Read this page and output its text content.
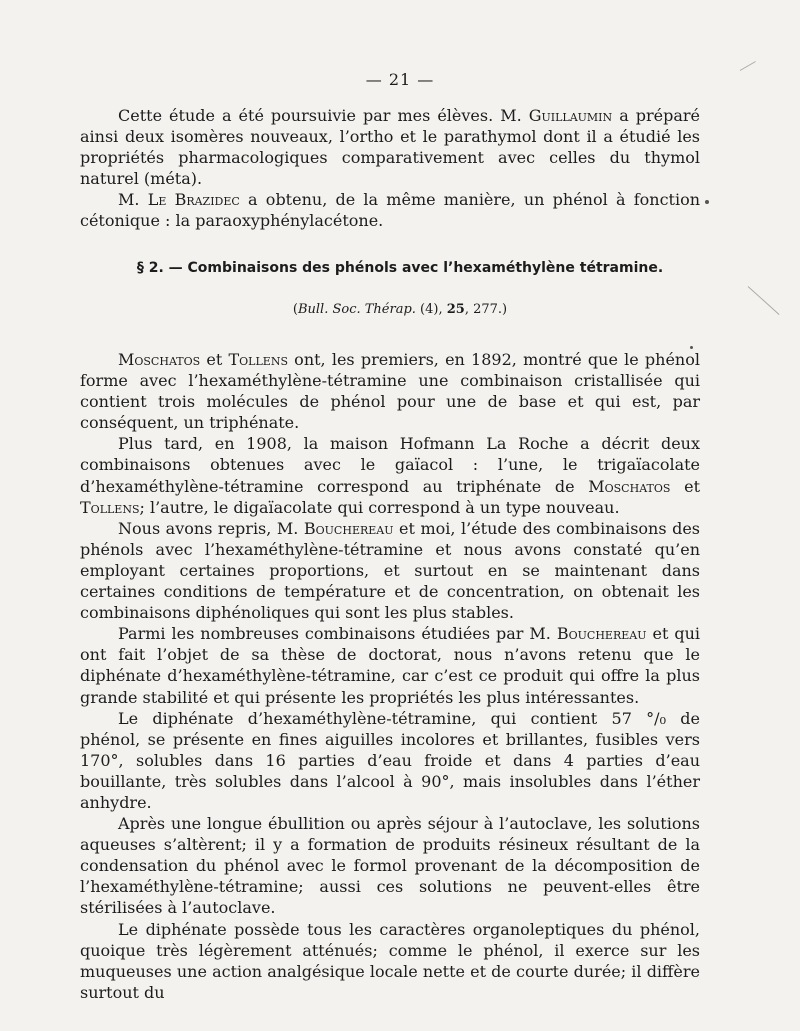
— 21 —

Cette étude a été poursuivie par mes élèves. M. Guillaumin a préparé ainsi deux isomères nouveaux, l’ortho et le parathymol dont il a étudié les propriétés pharmacologiques comparativement avec celles du thymol naturel (méta).

M. Le Brazidec a obtenu, de la même manière, un phénol à fonction cétonique : la paraoxyphénylacétone.

§ 2. — Combinaisons des phénols avec l’hexaméthylène tétramine.
(Bull. Soc. Thérap. (4), 25, 277.)

Moschatos et Tollens ont, les premiers, en 1892, montré que le phénol forme avec l’hexaméthylène-tétramine une combinaison cristallisée qui contient trois molécules de phénol pour une de base et qui est, par conséquent, un triphénate.

Plus tard, en 1908, la maison Hofmann La Roche a décrit deux combinaisons obtenues avec le gaïacol : l’une, le trigaïacolate d’hexaméthylène-tétramine correspond au triphénate de Moschatos et Tollens; l’autre, le digaïacolate qui correspond à un type nouveau.

Nous avons repris, M. Bouchereau et moi, l’étude des combinaisons des phénols avec l’hexaméthylène-tétramine et nous avons constaté qu’en employant certaines proportions, et surtout en se maintenant dans certaines conditions de température et de concentration, on obtenait les combinaisons diphénoliques qui sont les plus stables.

Parmi les nombreuses combinaisons étudiées par M. Bouchereau et qui ont fait l’objet de sa thèse de doctorat, nous n’avons retenu que le diphénate d’hexaméthylène-tétramine, car c’est ce produit qui offre la plus grande stabilité et qui présente les propriétés les plus intéressantes.

Le diphénate d’hexaméthylène-tétramine, qui contient 57 °/₀ de phénol, se présente en fines aiguilles incolores et brillantes, fusibles vers 170°, solubles dans 16 parties d’eau froide et dans 4 parties d’eau bouillante, très solubles dans l’alcool à 90°, mais insolubles dans l’éther anhydre.

Après une longue ébullition ou après séjour à l’autoclave, les solutions aqueuses s’altèrent; il y a formation de produits résineux résultant de la condensation du phénol avec le formol provenant de la décomposition de l’hexaméthylène-tétramine; aussi ces solutions ne peuvent-elles être stérilisées à l’autoclave.

Le diphénate possède tous les caractères organoleptiques du phénol, quoique très légèrement atténués; comme le phénol, il exerce sur les muqueuses une action analgésique locale nette et de courte durée; il diffère surtout du
